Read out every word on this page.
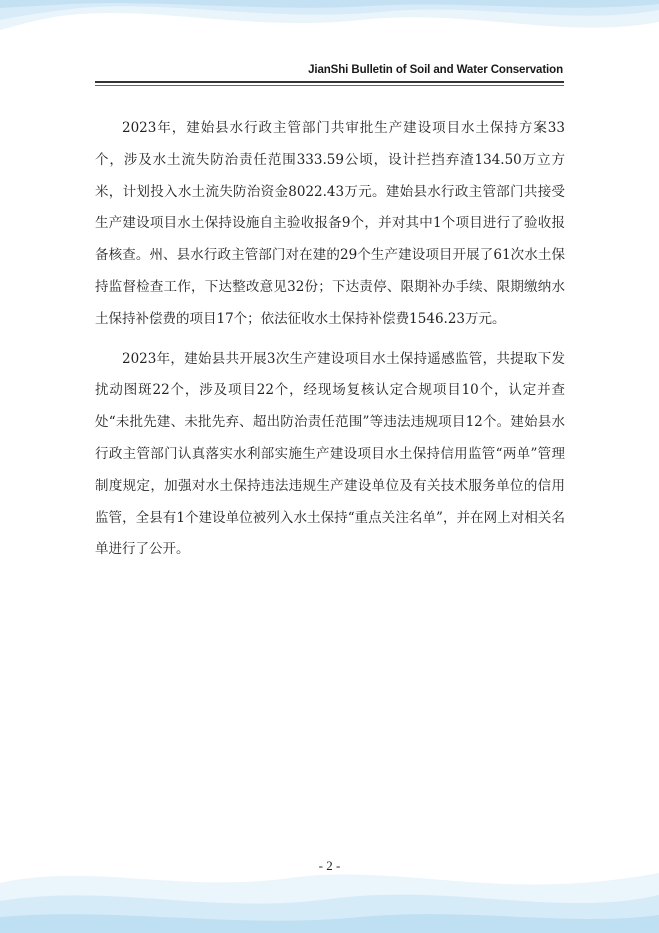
JianShi Bulletin of Soil and Water Conservation

2023年，建始县水行政主管部门共审批生产建设项目水土保持方案33个，涉及水土流失防治责任范围333.59公顷，设计拦挡弃渣134.50万立方米，计划投入水土流失防治资金8022.43万元。建始县水行政主管部门共接受生产建设项目水土保持设施自主验收报备9个，并对其中1个项目进行了验收报备核查。州、县水行政主管部门对在建的29个生产建设项目开展了61次水土保持监督检查工作，下达整改意见32份；下达责停、限期补办手续、限期缴纳水土保持补偿费的项目17个；依法征收水土保持补偿费1546.23万元。

2023年，建始县共开展3次生产建设项目水土保持遥感监管，共提取下发扰动图斑22个，涉及项目22个，经现场复核认定合规项目10个，认定并查处“未批先建、未批先弃、超出防治责任范围”等违法违规项目12个。建始县水行政主管部门认真落实水利部实施生产建设项目水土保持信用监管“两单”管理制度规定，加强对水土保持违法违规生产建设单位及有关技术服务单位的信用监管，全县有1个建设单位被列入水土保持“重点关注名单”，并在网上对相关名单进行了公开。

- 2 -
